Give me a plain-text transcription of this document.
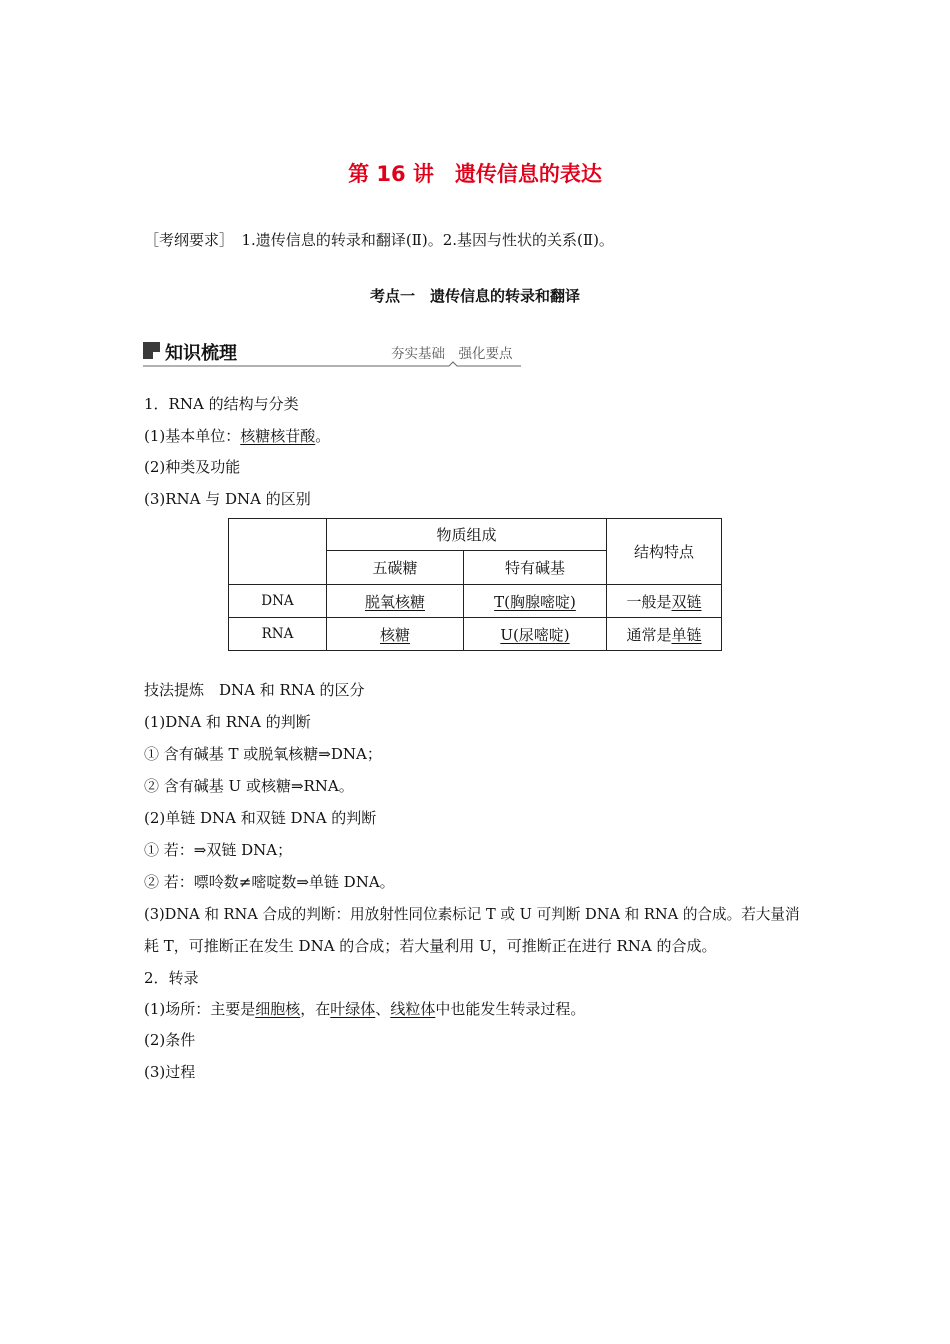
第 16 讲　遗传信息的表达
［考纲要求］　1.遗传信息的转录和翻译(Ⅱ)。2.基因与性状的关系(Ⅱ)。
考点一　遗传信息的转录和翻译
知识梳理	夯实基础　强化要点
1．RNA 的结构与分类
(1)基本单位：核糖核苷酸。
(2)种类及功能
(3)RNA 与 DNA 的区别
	物质组成		结构特点
	五碳糖	特有碱基	
DNA	脱氧核糖	T(胸腺嘧啶)	一般是双链
RNA	核糖	U(尿嘧啶)	通常是单链
技法提炼　DNA 和 RNA 的区分
(1)DNA 和 RNA 的判断
① 含有碱基 T 或脱氧核糖⇒DNA；
② 含有碱基 U 或核糖⇒RNA。
(2)单链 DNA 和双链 DNA 的判断
① 若：⇒双链 DNA；
② 若：嘌呤数≠嘧啶数⇒单链 DNA。
(3)DNA 和 RNA 合成的判断：用放射性同位素标记 T 或 U 可判断 DNA 和 RNA 的合成。若大量消
耗 T，可推断正在发生 DNA 的合成；若大量利用 U，可推断正在进行 RNA 的合成。
2．转录
(1)场所：主要是细胞核，在叶绿体、线粒体中也能发生转录过程。
(2)条件
(3)过程
